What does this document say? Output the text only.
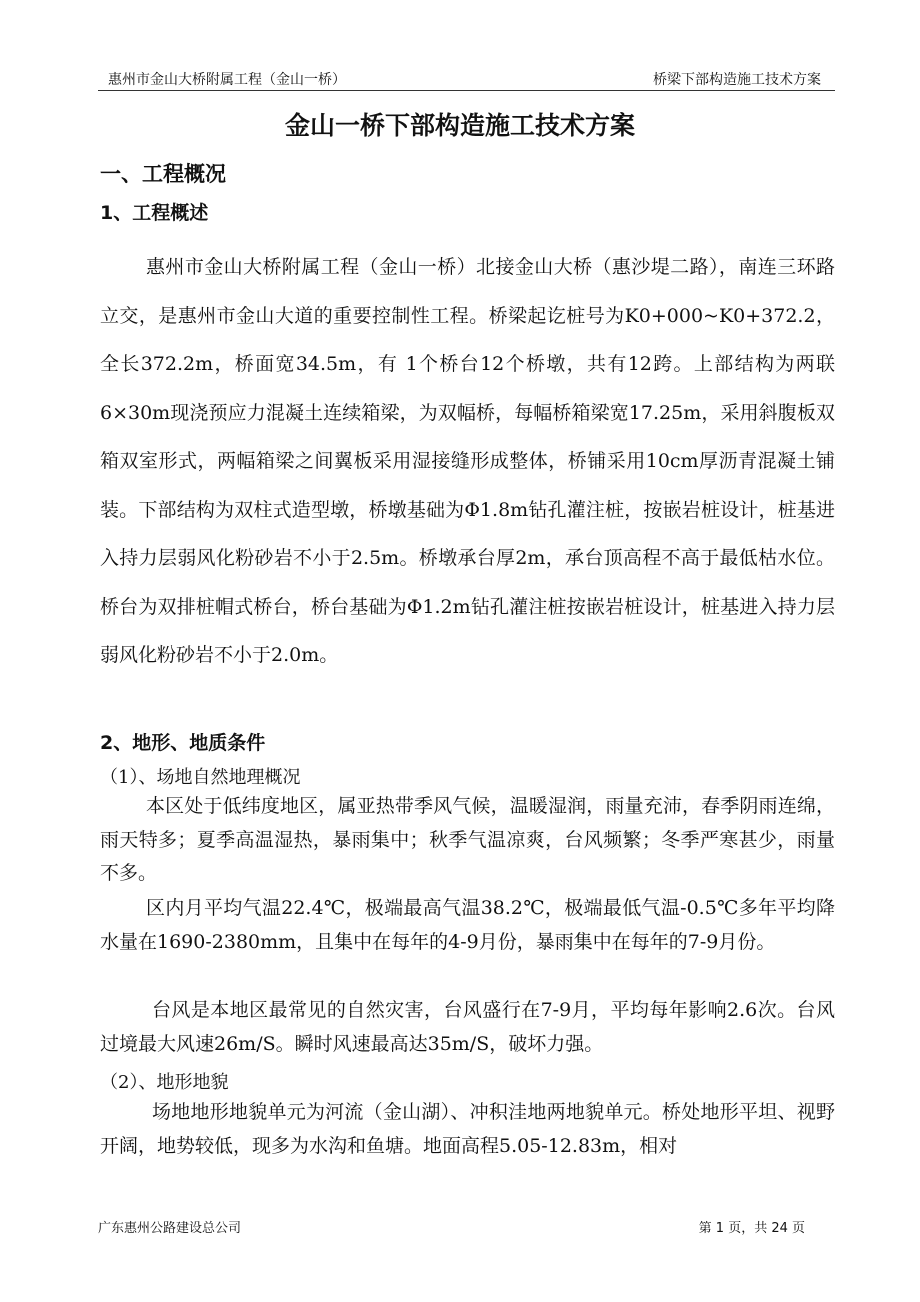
惠州市金山大桥附属工程（金山一桥）	桥梁下部构造施工技术方案
金山一桥下部构造施工技术方案
一、工程概况
1、工程概述

惠州市金山大桥附属工程（金山一桥）北接金山大桥（惠沙堤二路），南连三环路立交，是惠州市金山大道的重要控制性工程。桥梁起讫桩号为K0+000~K0+372.2，全长372.2m，桥面宽34.5m，有 1个桥台12个桥墩，共有12跨。上部结构为两联6×30m现浇预应力混凝土连续箱梁，为双幅桥，每幅桥箱梁宽17.25m，采用斜腹板双箱双室形式，两幅箱梁之间翼板采用湿接缝形成整体，桥铺采用10cm厚沥青混凝土铺装。下部结构为双柱式造型墩，桥墩基础为Φ1.8m钻孔灌注桩，按嵌岩桩设计，桩基进入持力层弱风化粉砂岩不小于2.5m。桥墩承台厚2m，承台顶高程不高于最低枯水位。桥台为双排桩帽式桥台，桥台基础为Φ1.2m钻孔灌注桩按嵌岩桩设计，桩基进入持力层弱风化粉砂岩不小于2.0m。

2、地形、地质条件
（1）、场地自然地理概况

本区处于低纬度地区，属亚热带季风气候，温暖湿润，雨量充沛，春季阴雨连绵，雨天特多；夏季高温湿热，暴雨集中；秋季气温凉爽，台风频繁；冬季严寒甚少，雨量不多。

区内月平均气温22.4℃，极端最高气温38.2℃，极端最低气温-0.5℃多年平均降水量在1690-2380mm，且集中在每年的4-9月份，暴雨集中在每年的7-9月份。

台风是本地区最常见的自然灾害，台风盛行在7-9月，平均每年影响2.6次。台风过境最大风速26m/S。瞬时风速最高达35m/S，破坏力强。

（2）、地形地貌

场地地形地貌单元为河流（金山湖）、冲积洼地两地貌单元。桥处地形平坦、视野开阔，地势较低，现多为水沟和鱼塘。地面高程5.05-12.83m，相对

广东惠州公路建设总公司	第 1 页，共 24 页
